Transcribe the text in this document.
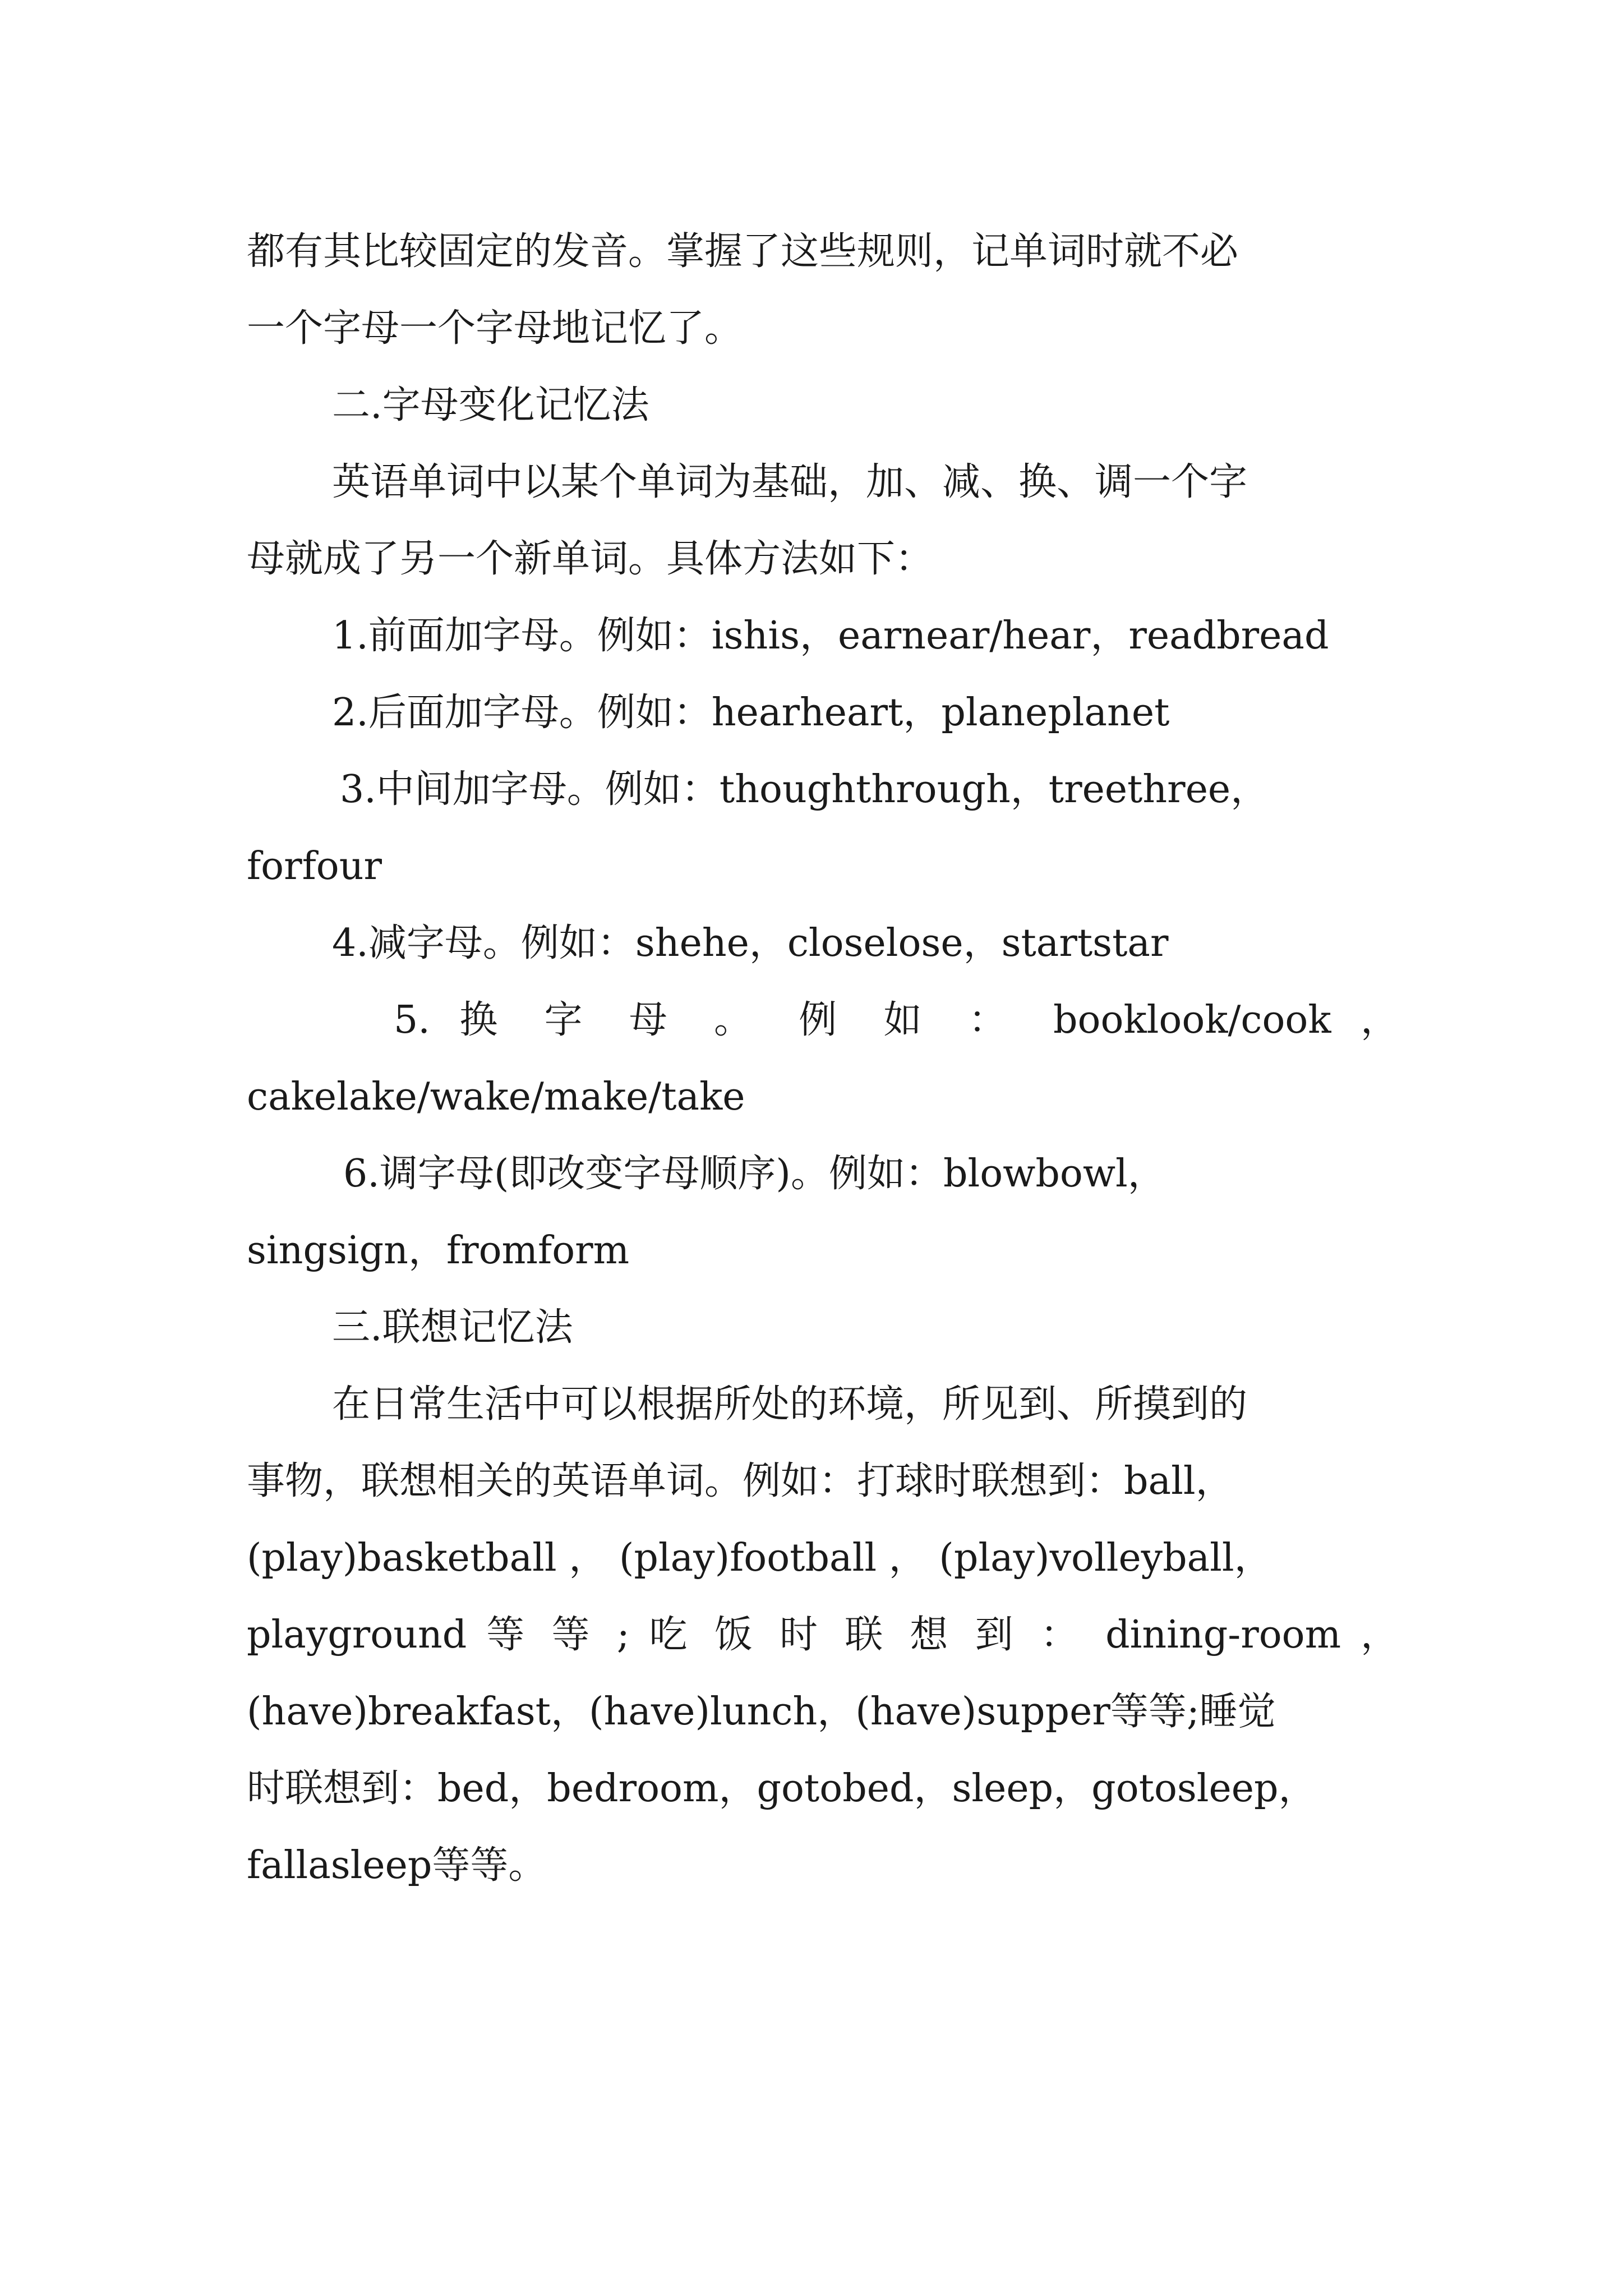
都有其比较固定的发音。掌握了这些规则，记单词时就不必
一个字母一个字母地记忆了。
二.字母变化记忆法
英语单词中以某个单词为基础，加、减、换、调一个字
母就成了另一个新单词。具体方法如下：
1.前面加字母。例如：ishis，earnear/hear，readbread
2.后面加字母。例如：hearheart，planeplanet
3.中间加字母。例如：thoughthrough，treethree，
forfour
4.减字母。例如：shehe，closelose，startstar
5. 换 字 母 。 例 如 ： booklook/cook ，
cakelake/wake/make/take
6.调字母(即改变字母顺序)。例如：blowbowl，
singsign，fromform
三.联想记忆法
在日常生活中可以根据所处的环境，所见到、所摸到的
事物，联想相关的英语单词。例如：打球时联想到：ball，
(play)basketball ， (play)football ， (play)volleyball，
playground 等 等 ; 吃 饭 时 联 想 到 ： dining-room ，
(have)breakfast，(have)lunch，(have)supper等等;睡觉
时联想到：bed，bedroom，gotobed，sleep，gotosleep，
fallasleep等等。
